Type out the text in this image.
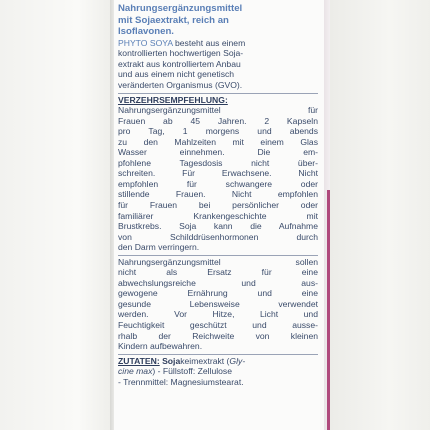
Nahrungsergänzungsmittel
mit Sojaextrakt, reich an
Isoflavonen.
PHYTO SOYA besteht aus einem
kontrollierten hochwertigen Soja-
extrakt aus kontrolliertem Anbau
und aus einem nicht genetisch
veränderten Organismus (GVO).
VERZEHRSEMPFEHLUNG:
Nahrungsergänzungsmittel für
Frauen ab 45 Jahren. 2 Kapseln
pro Tag, 1 morgens und abends
zu den Mahlzeiten mit einem Glas
Wasser einnehmen. Die em-
pfohlene Tagesdosis nicht über-
schreiten. Für Erwachsene. Nicht
empfohlen für schwangere oder
stillende Frauen. Nicht empfohlen
für Frauen bei persönlicher oder
familiärer Krankengeschichte mit
Brustkrebs. Soja kann die Aufnahme
von Schilddrüsenhormonen durch
den Darm verringern.
Nahrungsergänzungsmittel sollen
nicht als Ersatz für eine
abwechslungsreiche und aus-
gewogene Ernährung und eine
gesunde Lebensweise verwendet
werden. Vor Hitze, Licht und
Feuchtigkeit geschützt und ausse-
rhalb der Reichweite von kleinen
Kindern aufbewahren.
ZUTATEN: Sojakeimextrakt (Gly-
cine max) - Füllstoff: Zellulose
- Trennmittel: Magnesiumstearat.
